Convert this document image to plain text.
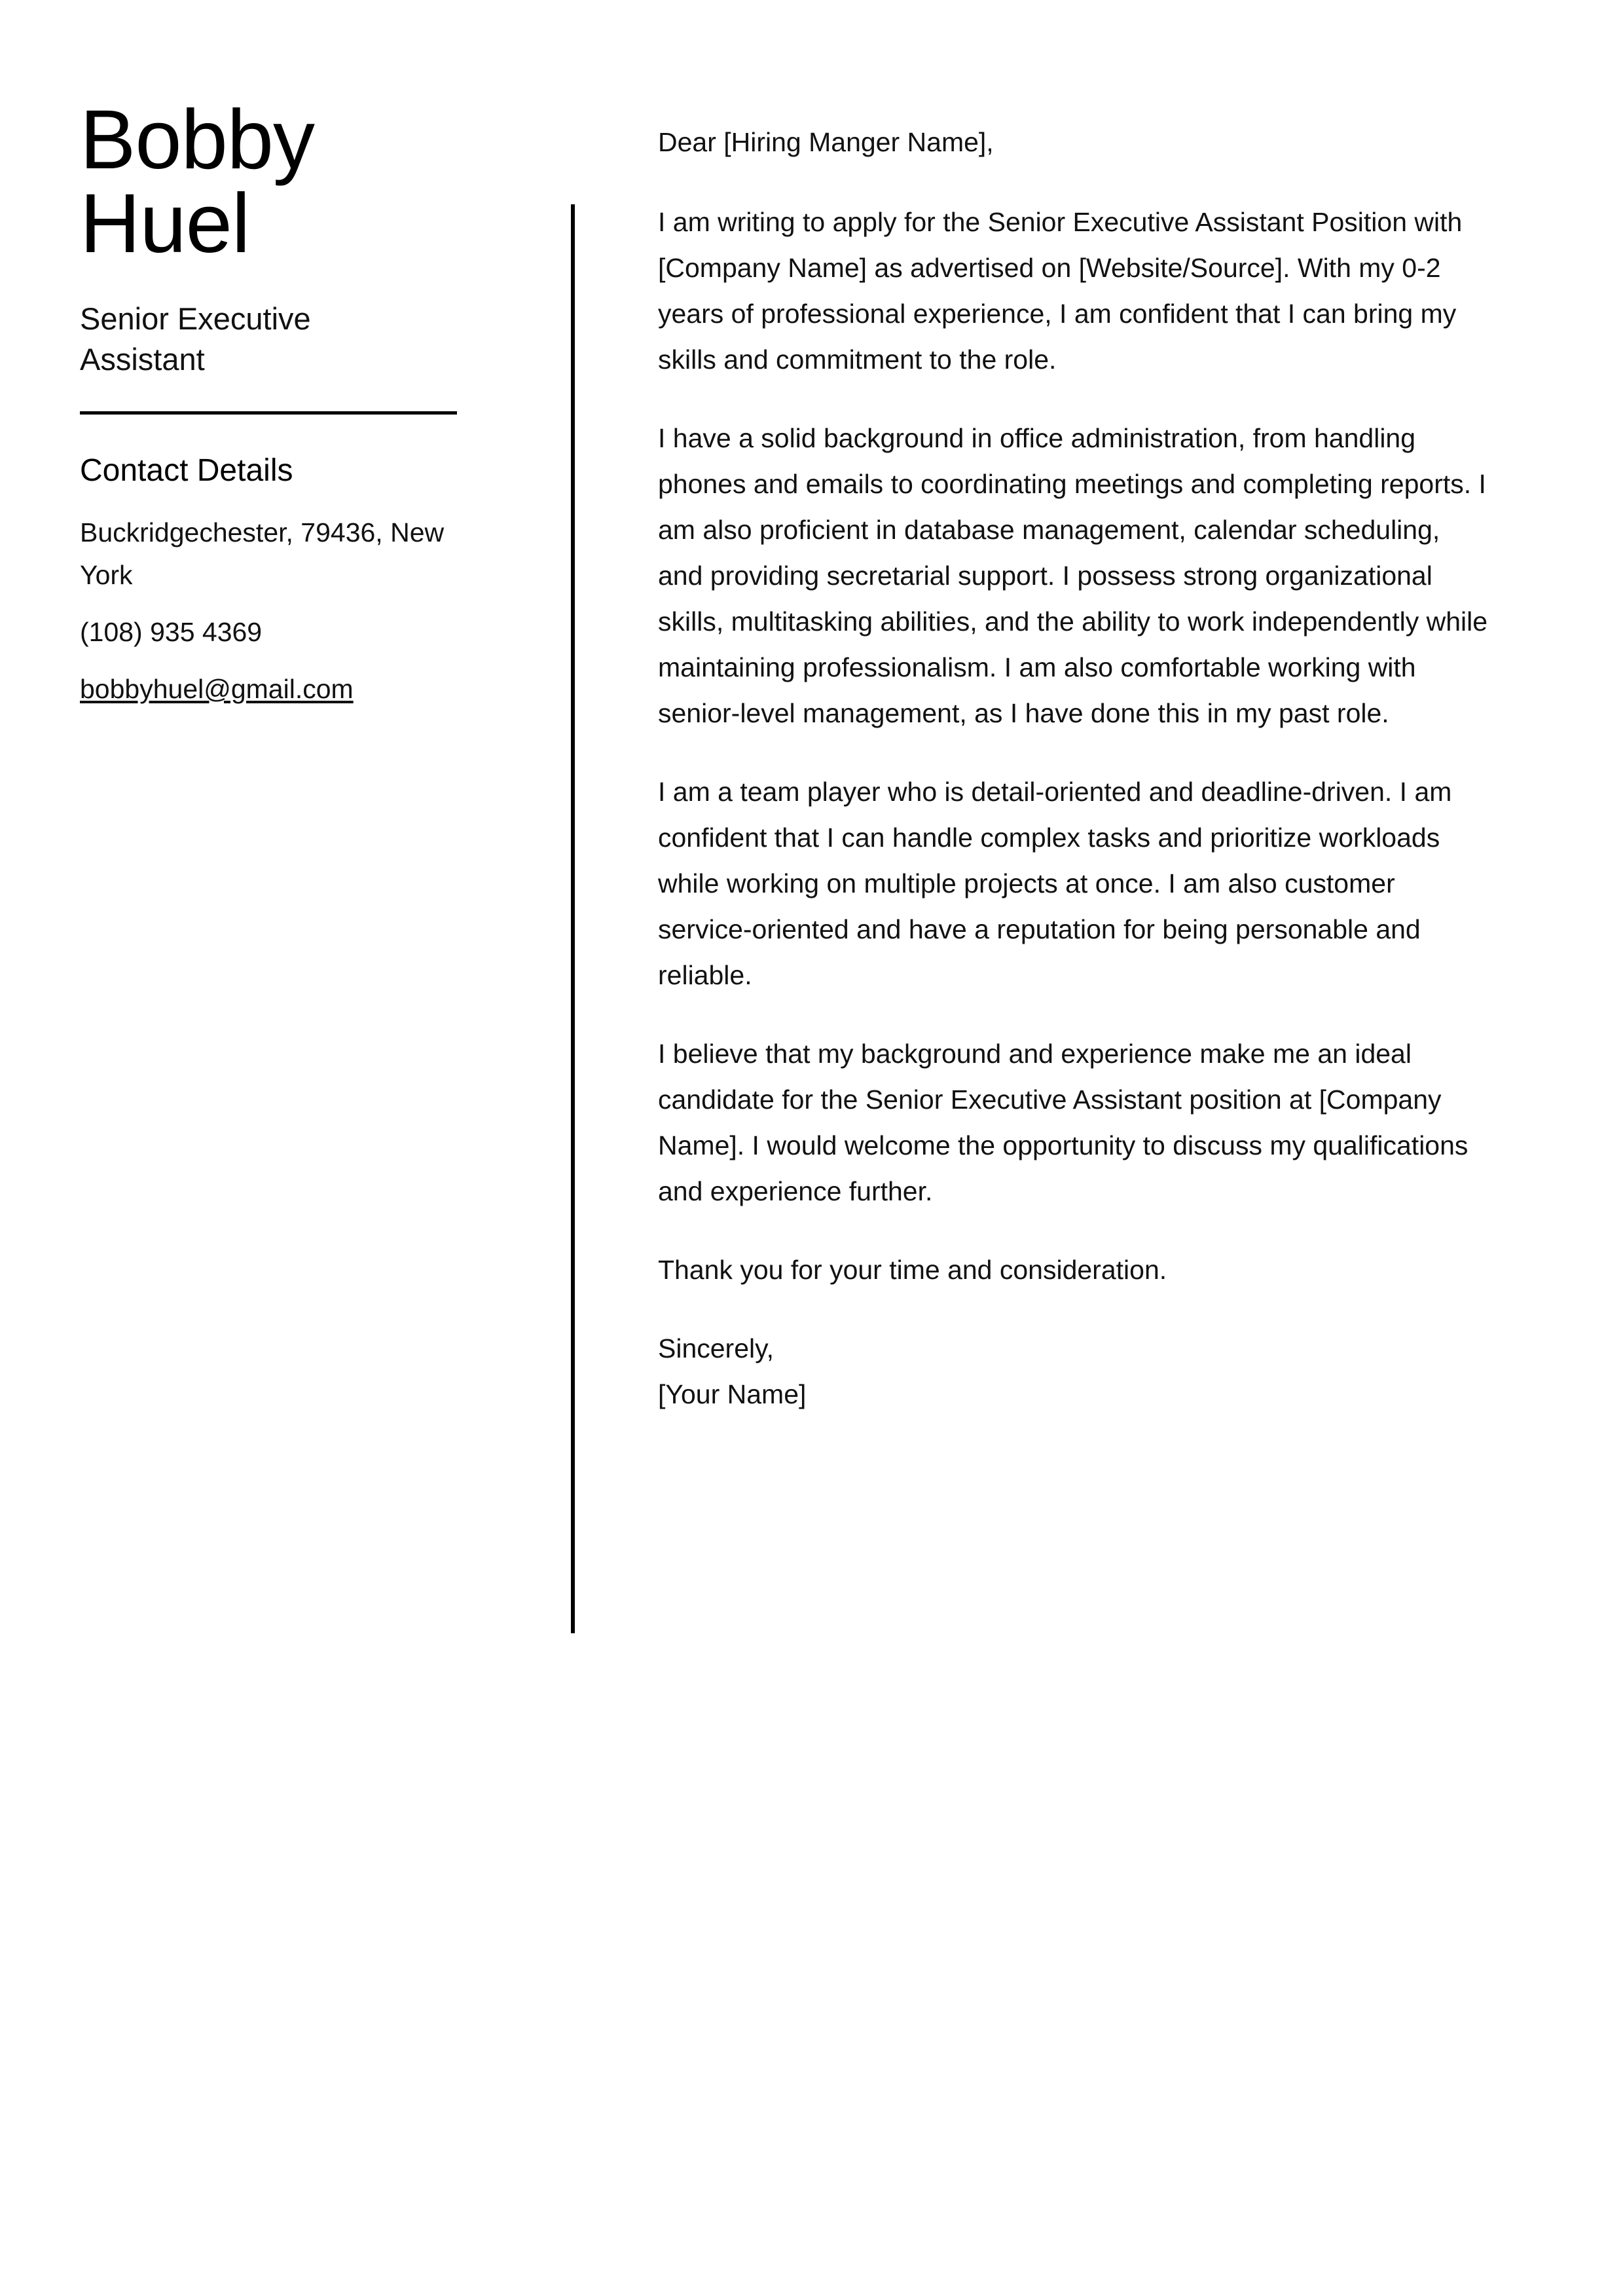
Bobby
Huel
Senior Executive Assistant
Contact Details
Buckridgechester, 79436, New York
(108) 935 4369
bobbyhuel@gmail.com

Dear [Hiring Manger Name],

I am writing to apply for the Senior Executive Assistant Position with [Company Name] as advertised on [Website/Source]. With my 0-2 years of professional experience, I am confident that I can bring my skills and commitment to the role.

I have a solid background in office administration, from handling phones and emails to coordinating meetings and completing reports. I am also proficient in database management, calendar scheduling, and providing secretarial support. I possess strong organizational skills, multitasking abilities, and the ability to work independently while maintaining professionalism. I am also comfortable working with senior-level management, as I have done this in my past role.

I am a team player who is detail-oriented and deadline-driven. I am confident that I can handle complex tasks and prioritize workloads while working on multiple projects at once. I am also customer service-oriented and have a reputation for being personable and reliable.

I believe that my background and experience make me an ideal candidate for the Senior Executive Assistant position at [Company Name]. I would welcome the opportunity to discuss my qualifications and experience further.

Thank you for your time and consideration.

Sincerely,
[Your Name]
